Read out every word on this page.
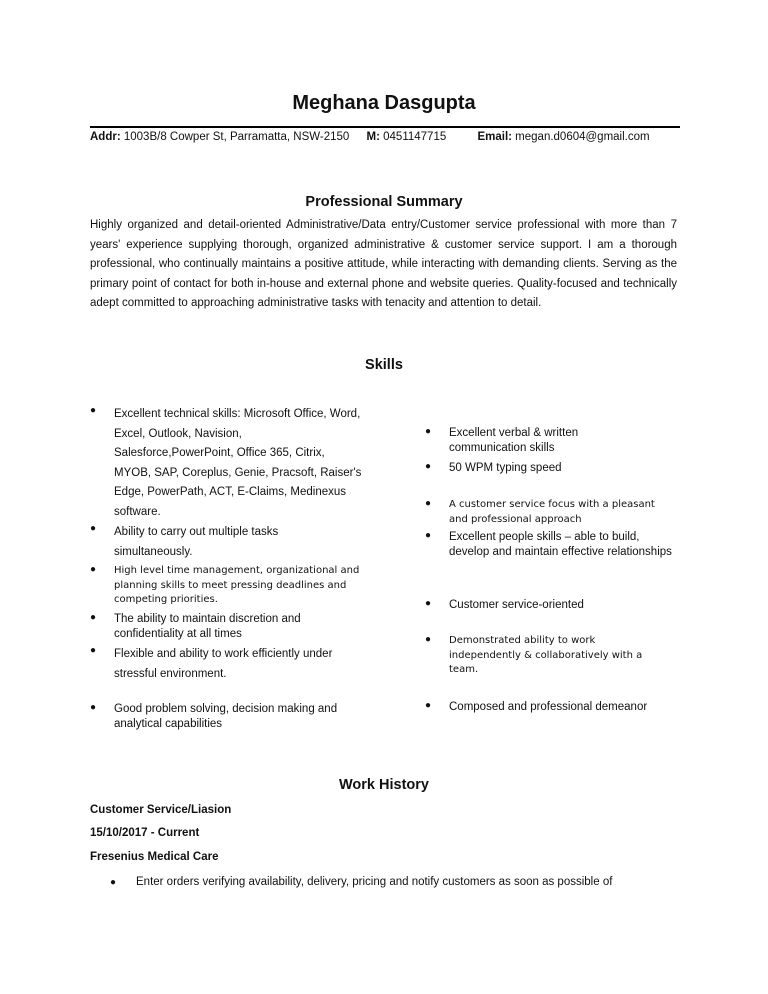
Meghana Dasgupta
Addr: 1003B/8 Cowper St, Parramatta, NSW-2150 M: 0451147715	Email: megan.d0604@gmail.com
Professional Summary
Highly organized and detail-oriented Administrative/Data entry/Customer service professional with more than 7 years' experience supplying thorough, organized administrative & customer service support. I am a thorough professional, who continually maintains a positive attitude, while interacting with demanding clients. Serving as the primary point of contact for both in-house and external phone and website queries. Quality-focused and technically adept committed to approaching administrative tasks with tenacity and attention to detail.
Skills
● Excellent technical skills: Microsoft Office, Word, Excel, Outlook, Navision, Salesforce,PowerPoint, Office 365, Citrix, MYOB, SAP, Coreplus, Genie, Pracsoft, Raiser's Edge, PowerPath, ACT, E-Claims, Medinexus software.
● Ability to carry out multiple tasks simultaneously.
● High level time management, organizational and planning skills to meet pressing deadlines and competing priorities.
● The ability to maintain discretion and confidentiality at all times
● Flexible and ability to work efficiently under stressful environment.
● Good problem solving, decision making and analytical capabilities
● Excellent verbal & written communication skills
● 50 WPM typing speed
● A customer service focus with a pleasant and professional approach
● Excellent people skills – able to build, develop and maintain effective relationships
● Customer service-oriented
● Demonstrated ability to work independently & collaboratively with a team.
● Composed and professional demeanor
Work History
Customer Service/Liasion
15/10/2017 - Current
Fresenius Medical Care
● Enter orders verifying availability, delivery, pricing and notify customers as soon as possible of
